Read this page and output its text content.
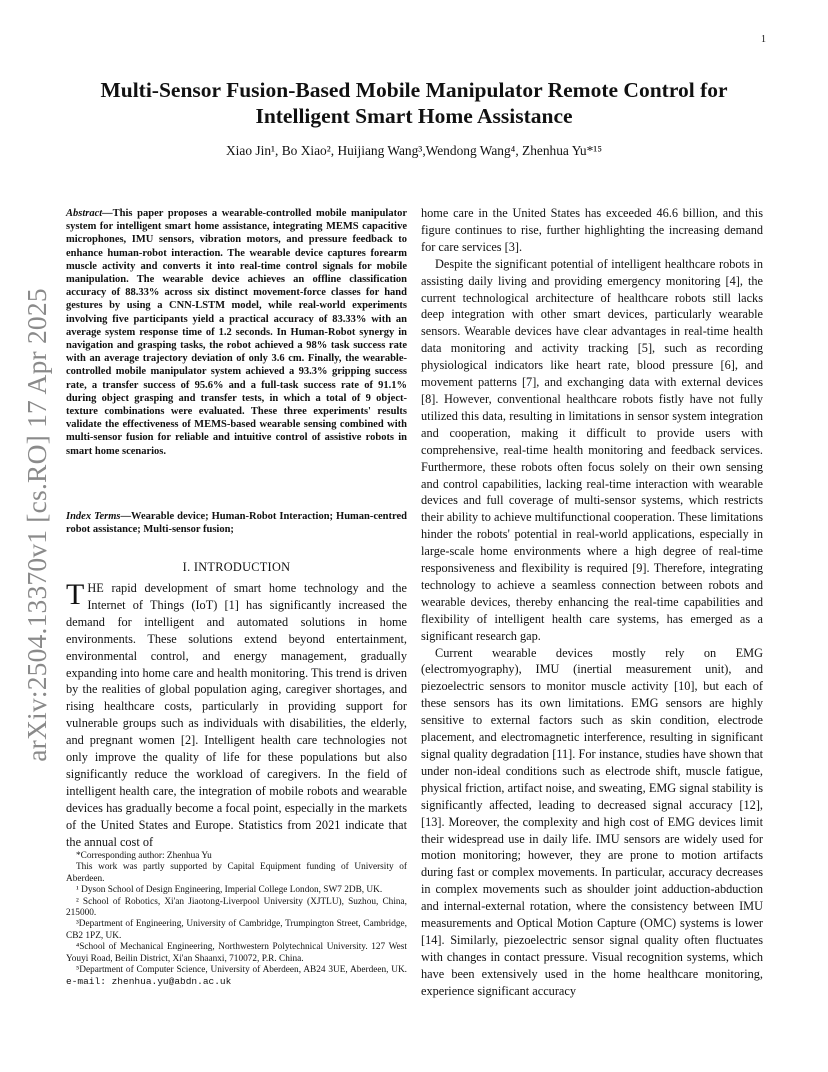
1
arXiv:2504.13370v1 [cs.RO] 17 Apr 2025
Multi-Sensor Fusion-Based Mobile Manipulator Remote Control for Intelligent Smart Home Assistance
Xiao Jin¹, Bo Xiao², Huijiang Wang³,Wendong Wang⁴, Zhenhua Yu*¹⁵
Abstract—This paper proposes a wearable-controlled mobile manipulator system for intelligent smart home assistance, integrating MEMS capacitive microphones, IMU sensors, vibration motors, and pressure feedback to enhance human-robot interaction. The wearable device captures forearm muscle activity and converts it into real-time control signals for mobile manipulation. The wearable device achieves an offline classification accuracy of 88.33% across six distinct movement-force classes for hand gestures by using a CNN-LSTM model, while real-world experiments involving five participants yield a practical accuracy of 83.33% with an average system response time of 1.2 seconds. In Human-Robot synergy in navigation and grasping tasks, the robot achieved a 98% task success rate with an average trajectory deviation of only 3.6 cm. Finally, the wearable-controlled mobile manipulator system achieved a 93.3% gripping success rate, a transfer success of 95.6% and a full-task success rate of 91.1% during object grasping and transfer tests, in which a total of 9 object-texture combinations were evaluated. These three experiments' results validate the effectiveness of MEMS-based wearable sensing combined with multi-sensor fusion for reliable and intuitive control of assistive robots in smart home scenarios.
Index Terms—Wearable device; Human-Robot Interaction; Human-centred robot assistance; Multi-sensor fusion;
I. INTRODUCTION

THE rapid development of smart home technology and the Internet of Things (IoT) [1] has significantly increased the demand for intelligent and automated solutions in home environments. These solutions extend beyond entertainment, environmental control, and energy management, gradually expanding into home care and health monitoring. This trend is driven by the realities of global population aging, caregiver shortages, and rising healthcare costs, particularly in providing support for vulnerable groups such as individuals with disabilities, the elderly, and pregnant women [2]. Intelligent health care technologies not only improve the quality of life for these populations but also significantly reduce the workload of caregivers. In the field of intelligent health care, the integration of mobile robots and wearable devices has gradually become a focal point, especially in the markets of the United States and Europe. Statistics from 2021 indicate that the annual cost of

*Corresponding author: Zhenhua Yu

This work was partly supported by Capital Equipment funding of University of Aberdeen.

¹ Dyson School of Design Engineering, Imperial College London, SW7 2DB, UK.

² School of Robotics, Xi'an Jiaotong-Liverpool University (XJTLU), Suzhou, China, 215000.

³Department of Engineering, University of Cambridge, Trumpington Street, Cambridge, CB2 1PZ, UK.

⁴School of Mechanical Engineering, Northwestern Polytechnical University. 127 West Youyi Road, Beilin District, Xi'an Shaanxi, 710072, P.R. China.

⁵Department of Computer Science, University of Aberdeen, AB24 3UE, Aberdeen, UK. e-mail: zhenhua.yu@abdn.ac.uk

home care in the United States has exceeded 46.6 billion, and this figure continues to rise, further highlighting the increasing demand for care services [3].

Despite the significant potential of intelligent healthcare robots in assisting daily living and providing emergency monitoring [4], the current technological architecture of healthcare robots still lacks deep integration with other smart devices, particularly wearable sensors. Wearable devices have clear advantages in real-time health data monitoring and activity tracking [5], such as recording physiological indicators like heart rate, blood pressure [6], and movement patterns [7], and exchanging data with external devices [8]. However, conventional healthcare robots fistly have not fully utilized this data, resulting in limitations in sensor system integration and cooperation, making it difficult to provide users with comprehensive, real-time health monitoring and feedback services. Furthermore, these robots often focus solely on their own sensing and control capabilities, lacking real-time interaction with wearable devices and full coverage of multi-sensor systems, which restricts their ability to achieve multifunctional cooperation. These limitations hinder the robots' potential in real-world applications, especially in large-scale home environments where a high degree of real-time responsiveness and flexibility is required [9]. Therefore, integrating technology to achieve a seamless connection between robots and wearable devices, thereby enhancing the real-time capabilities and flexibility of intelligent health care systems, has emerged as a significant research gap.

Current wearable devices mostly rely on EMG (electromyography), IMU (inertial measurement unit), and piezoelectric sensors to monitor muscle activity [10], but each of these sensors has its own limitations. EMG sensors are highly sensitive to external factors such as skin condition, electrode placement, and electromagnetic interference, resulting in significant signal quality degradation [11]. For instance, studies have shown that under non-ideal conditions such as electrode shift, muscle fatigue, physical friction, artifact noise, and sweating, EMG signal stability is significantly affected, leading to decreased signal accuracy [12], [13]. Moreover, the complexity and high cost of EMG devices limit their widespread use in daily life. IMU sensors are widely used for motion monitoring; however, they are prone to motion artifacts during fast or complex movements. In particular, accuracy decreases in complex movements such as shoulder joint adduction-abduction and internal-external rotation, where the consistency between IMU measurements and Optical Motion Capture (OMC) systems is lower [14]. Similarly, piezoelectric sensor signal quality often fluctuates with changes in contact pressure. Visual recognition systems, which have been extensively used in the home healthcare monitoring, experience significant accuracy
